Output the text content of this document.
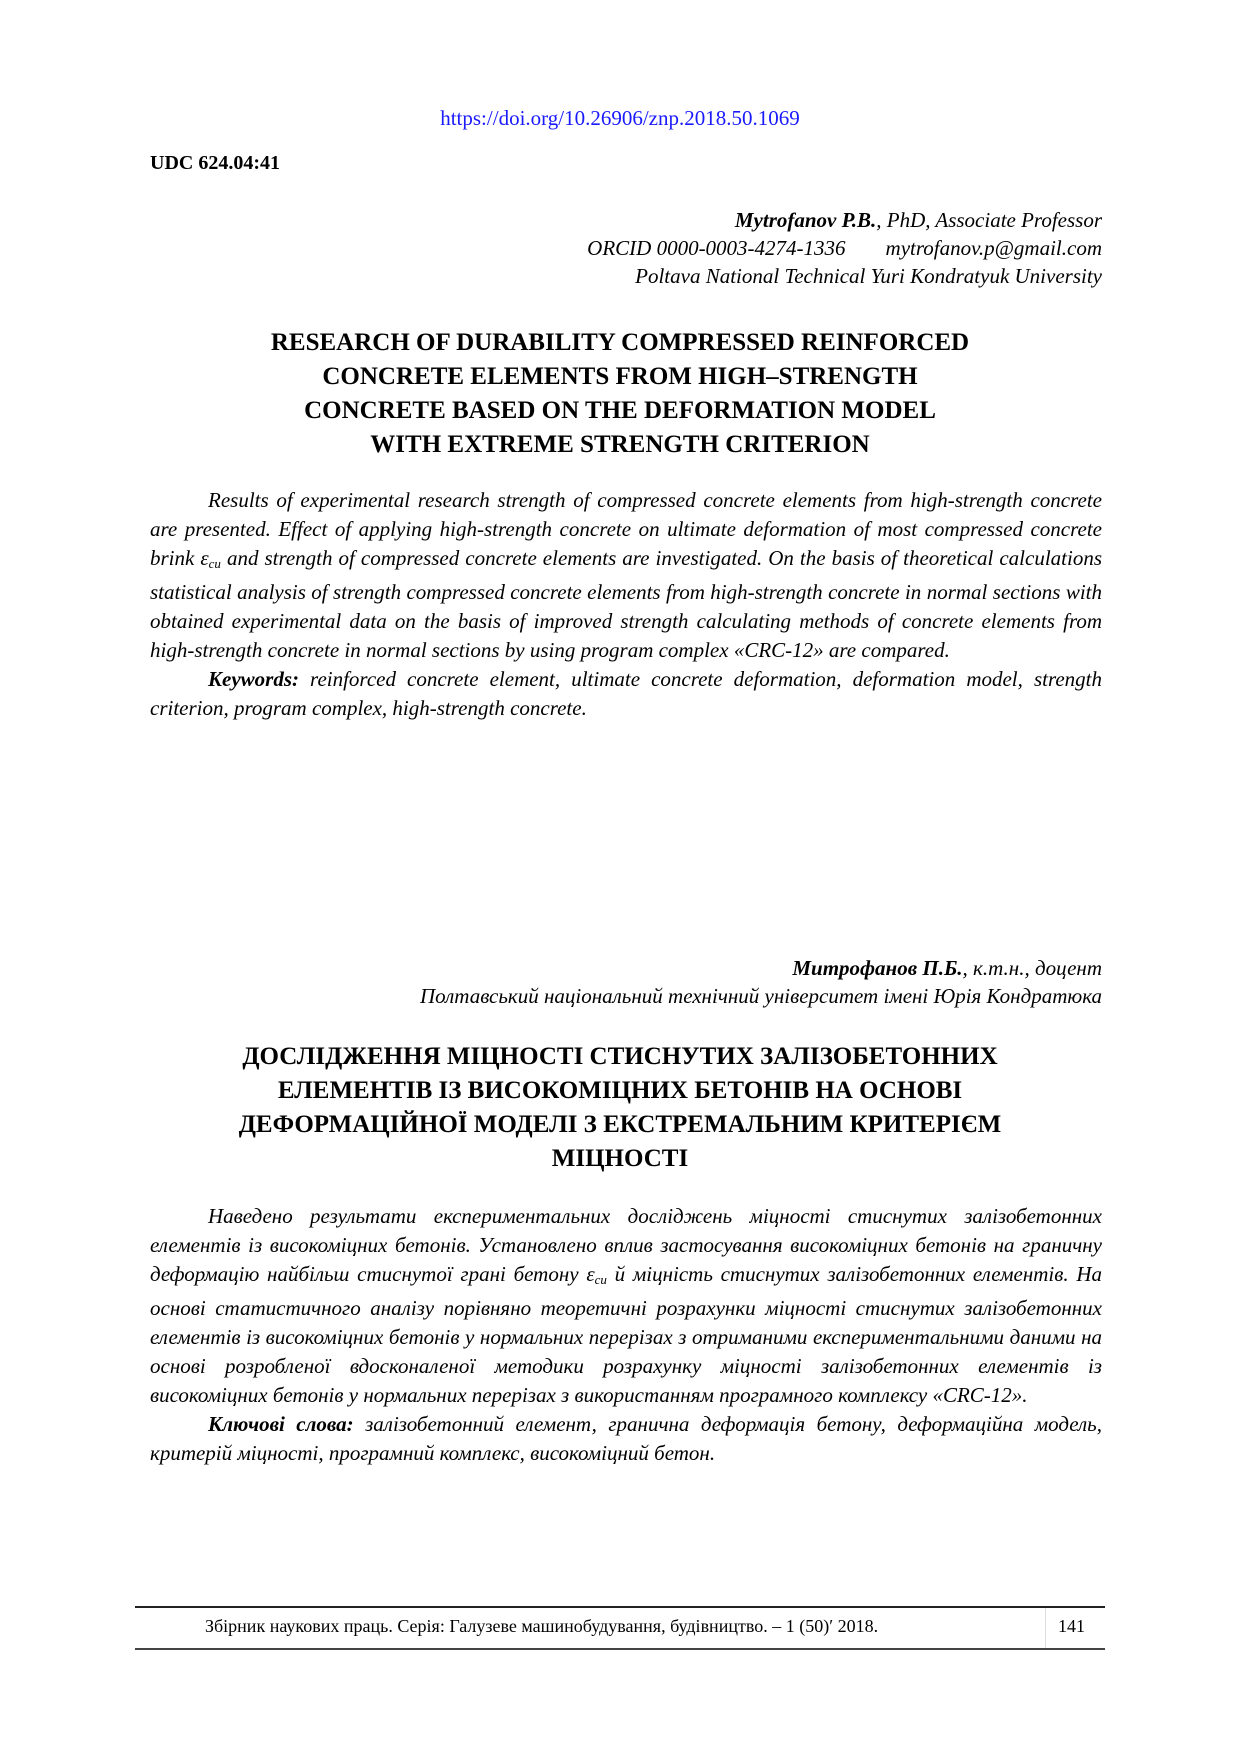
https://doi.org/10.26906/znp.2018.50.1069
UDC 624.04:41
Mytrofanov P.B., PhD, Associate Professor
ORCID 0000-0003-4274-1336 mytrofanov.p@gmail.com
Poltava National Technical Yuri Kondratyuk University
RESEARCH OF DURABILITY COMPRESSED REINFORCED
CONCRETE ELEMENTS FROM HIGH–STRENGTH
CONCRETE BASED ON THE DEFORMATION MODEL
WITH EXTREME STRENGTH CRITERION

Results of experimental research strength of compressed concrete elements from high-strength concrete are presented. Effect of applying high-strength concrete on ultimate deformation of most compressed concrete brink $\varepsilon_{cu}$ and strength of compressed concrete elements are investigated. On the basis of theoretical calculations statistical analysis of strength compressed concrete elements from high-strength concrete in normal sections with obtained experimental data on the basis of improved strength calculating methods of concrete elements from high-strength concrete in normal sections by using program complex «CRC-12» are compared.

Keywords: reinforced concrete element, ultimate concrete deformation, deformation model, strength criterion, program complex, high-strength concrete.

Митрофанов П.Б., к.т.н., доцент
Полтавський національний технічний університет імені Юрія Кондратюка
ДОСЛІДЖЕННЯ МІЦНОСТІ СТИСНУТИХ ЗАЛІЗОБЕТОННИХ
ЕЛЕМЕНТІВ ІЗ ВИСОКОМІЦНИХ БЕТОНІВ НА ОСНОВІ
ДЕФОРМАЦІЙНОЇ МОДЕЛІ З ЕКСТРЕМАЛЬНИМ КРИТЕРІЄМ
МІЦНОСТІ

Наведено результати експериментальних досліджень міцності стиснутих залізобетонних елементів із високоміцних бетонів. Установлено вплив застосування високоміцних бетонів на граничну деформацію найбільш стиснутої грані бетону $\varepsilon_{cu}$ й міцність стиснутих залізобетонних елементів. На основі статистичного аналізу порівняно теоретичні розрахунки міцності стиснутих залізобетонних елементів із високоміцних бетонів у нормальних перерізах з отриманими експериментальними даними на основі розробленої вдосконаленої методики розрахунку міцності залізобетонних елементів із високоміцних бетонів у нормальних перерізах з використанням програмного комплексу «CRC-12».

Ключові слова: залізобетонний елемент, гранична деформація бетону, деформаційна модель, критерій міцності, програмний комплекс, високоміцний бетон.

Збірник наукових праць. Серія: Галузеве машинобудування, будівництво. – 1 (50)′ 2018.	141
